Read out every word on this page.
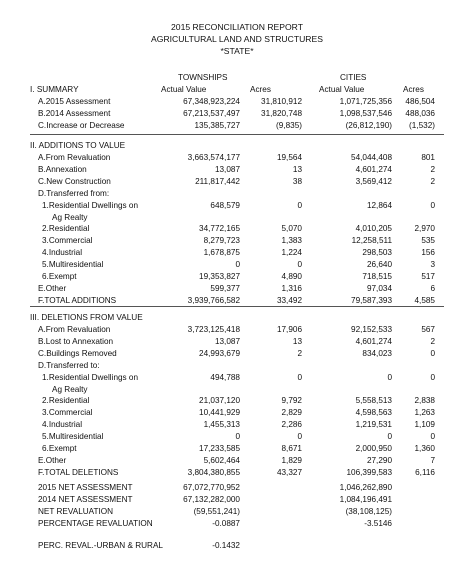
2015 RECONCILIATION REPORT
AGRICULTURAL LAND AND STRUCTURES
*STATE*
TOWNSHIPS	CITIES
Actual Value	Acres	Actual Value	Acres
I. SUMMARY
A.2015 Assessment	67,348,923,224	31,810,912	1,071,725,356	486,504
B.2014 Assessment	67,213,537,497	31,820,748	1,098,537,546	488,036
C.Increase or Decrease	135,385,727	(9,835)	(26,812,190)	(1,532)
II. ADDITIONS TO VALUE
A.From Revaluation	3,663,574,177	19,564	54,044,408	801
B.Annexation	13,087	13	4,601,274	2
C.New Construction	211,817,442	38	3,569,412	2
D.Transferred from:
1.Residential Dwellings on	648,579	0	12,864	0
Ag Realty
2.Residential	34,772,165	5,070	4,010,205	2,970
3.Commercial	8,279,723	1,383	12,258,511	535
4.Industrial	1,678,875	1,224	298,503	156
5.Multiresidential	0	0	26,640	3
6.Exempt	19,353,827	4,890	718,515	517
E.Other	599,377	1,316	97,034	6
F.TOTAL ADDITIONS	3,939,766,582	33,492	79,587,393	4,585
III. DELETIONS FROM VALUE
A.From Revaluation	3,723,125,418	17,906	92,152,533	567
B.Lost to Annexation	13,087	13	4,601,274	2
C.Buildings Removed	24,993,679	2	834,023	0
D.Transferred to:
1.Residential Dwellings on	494,788	0	0	0
Ag Realty
2.Residential	21,037,120	9,792	5,558,513	2,838
3.Commercial	10,441,929	2,829	4,598,563	1,263
4.Industrial	1,455,313	2,286	1,219,531	1,109
5.Multiresidential	0	0	0	0
6.Exempt	17,233,585	8,671	2,000,950	1,360
E.Other	5,602,464	1,829	27,290	7
F.TOTAL DELETIONS	3,804,380,855	43,327	106,399,583	6,116
2015 NET ASSESSMENT	67,072,770,952	1,046,262,890
2014 NET ASSESSMENT	67,132,282,000	1,084,196,491
NET REVALUATION	(59,551,241)	(38,108,125)
PERCENTAGE REVALUATION	-0.0887	-3.5146
PERC. REVAL.-URBAN & RURAL	-0.1432
